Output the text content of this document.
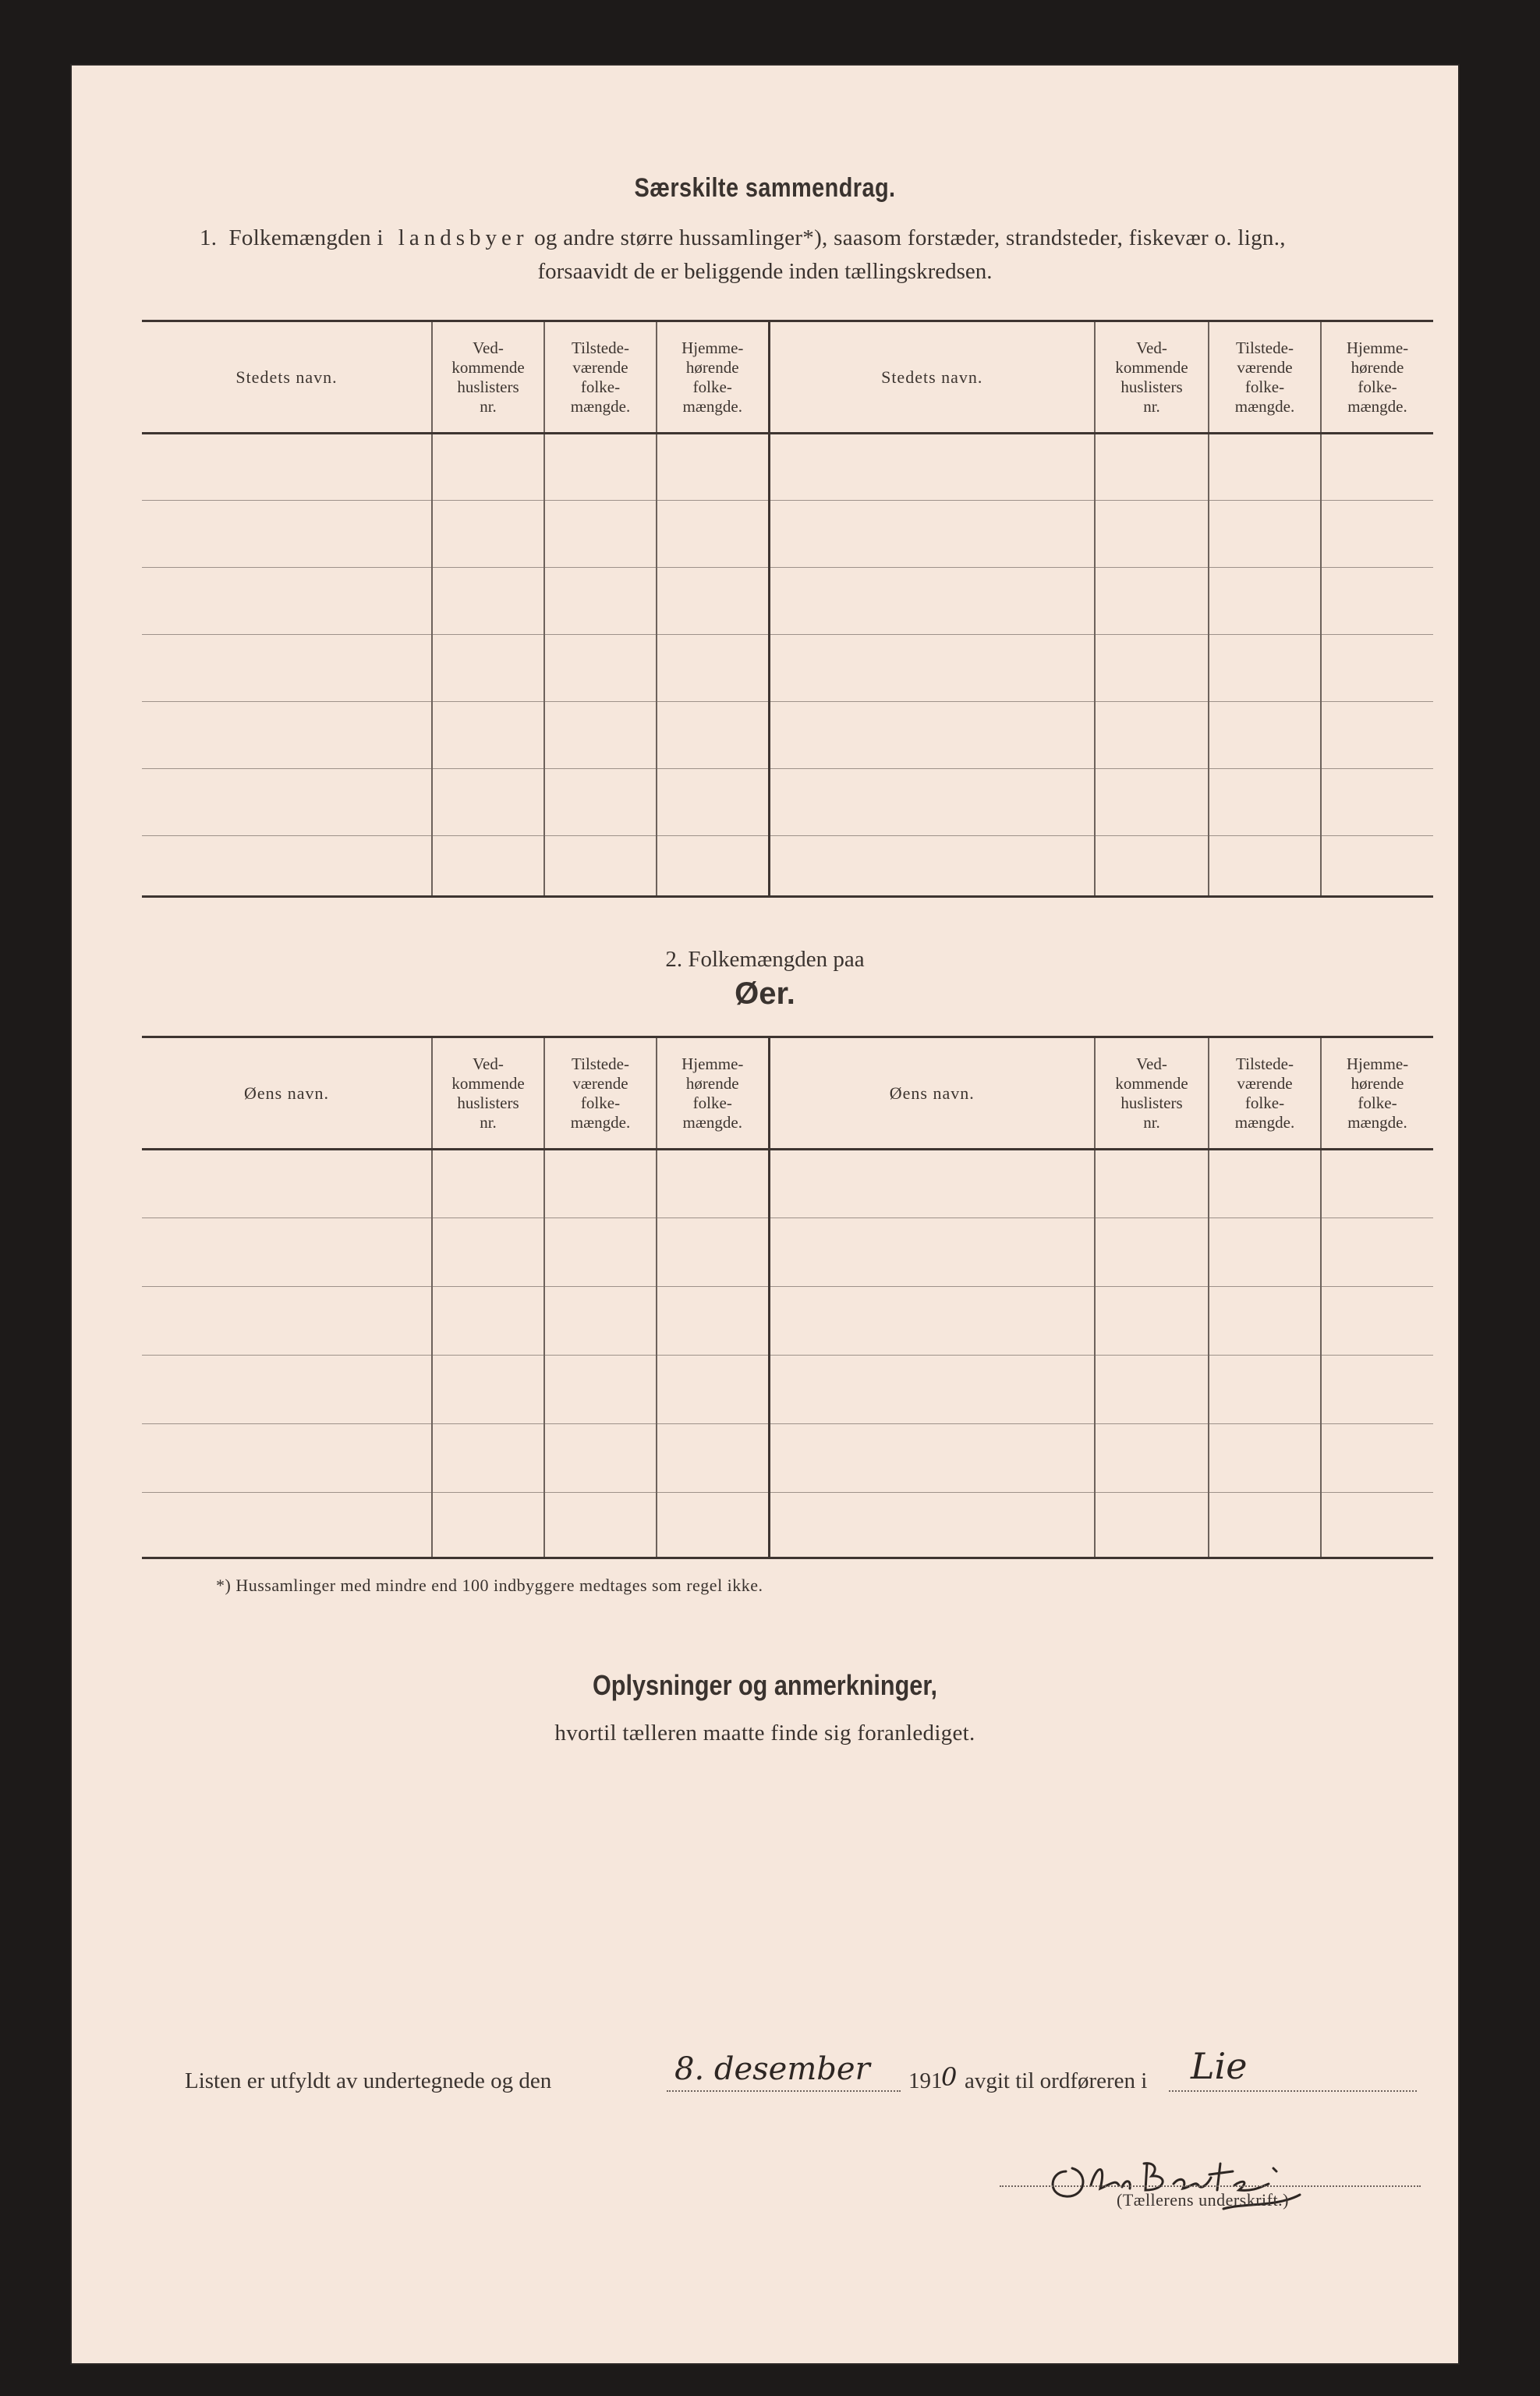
Særskilte sammendrag.
1. Folkemængden i landsbyer og andre større hussamlinger*), saasom forstæder, strandsteder, fiskevær o. lign.,
forsaavidt de er beliggende inden tællingskredsen.
Stedets navn.	Ved-
kommende
huslisters
nr.	Tilstede-
værende
folke-
mængde.	Hjemme-
hørende
folke-
mængde.	Stedets navn.	Ved-
kommende
huslisters
nr.	Tilstede-
værende
folke-
mængde.	Hjemme-
hørende
folke-
mængde.

2. Folkemængden paa
Øer.
Øens navn.	Ved-
kommende
huslisters
nr.	Tilstede-
værende
folke-
mængde.	Hjemme-
hørende
folke-
mængde.	Øens navn.	Ved-
kommende
huslisters
nr.	Tilstede-
værende
folke-
mængde.	Hjemme-
hørende
folke-
mængde.

*) Hussamlinger med mindre end 100 indbyggere medtages som regel ikke.
Oplysninger og anmerkninger,
hvortil tælleren maatte finde sig foranlediget.
Listen er utfyldt av undertegnede og den	8. desember 191
0 avgit til ordføreren i Lie
Ole Bautz
(Tællerens underskrift.)
